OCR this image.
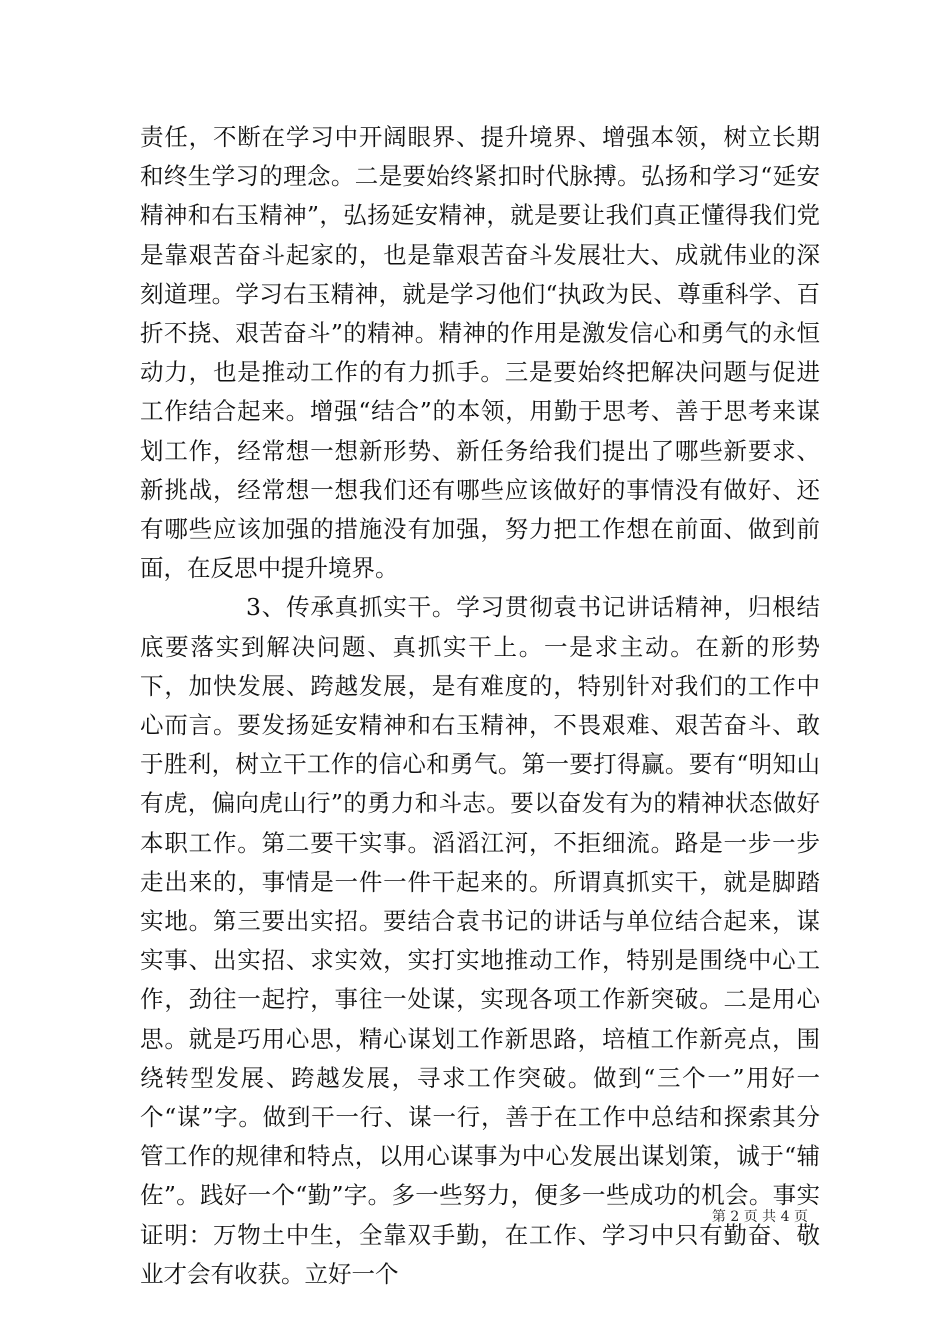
责任，不断在学习中开阔眼界、提升境界、增强本领，树立长期和终生学习的理念。二是要始终紧扣时代脉搏。弘扬和学习“延安精神和右玉精神”，弘扬延安精神，就是要让我们真正懂得我们党是靠艰苦奋斗起家的，也是靠艰苦奋斗发展壮大、成就伟业的深刻道理。学习右玉精神，就是学习他们“执政为民、尊重科学、百折不挠、艰苦奋斗”的精神。精神的作用是激发信心和勇气的永恒动力，也是推动工作的有力抓手。三是要始终把解决问题与促进工作结合起来。增强“结合”的本领，用勤于思考、善于思考来谋划工作，经常想一想新形势、新任务给我们提出了哪些新要求、新挑战，经常想一想我们还有哪些应该做好的事情没有做好、还有哪些应该加强的措施没有加强，努力把工作想在前面、做到前面，在反思中提升境界。

3、传承真抓实干。学习贯彻袁书记讲话精神，归根结底要落实到解决问题、真抓实干上。一是求主动。在新的形势下，加快发展、跨越发展，是有难度的，特别针对我们的工作中心而言。要发扬延安精神和右玉精神，不畏艰难、艰苦奋斗、敢于胜利，树立干工作的信心和勇气。第一要打得赢。要有“明知山有虎，偏向虎山行”的勇力和斗志。要以奋发有为的精神状态做好本职工作。第二要干实事。滔滔江河，不拒细流。路是一步一步走出来的，事情是一件一件干起来的。所谓真抓实干，就是脚踏实地。第三要出实招。要结合袁书记的讲话与单位结合起来，谋实事、出实招、求实效，实打实地推动工作，特别是围绕中心工作，劲往一起拧，事往一处谋，实现各项工作新突破。二是用心思。就是巧用心思，精心谋划工作新思路，培植工作新亮点，围绕转型发展、跨越发展，寻求工作突破。做到“三个一”用好一个“谋”字。做到干一行、谋一行，善于在工作中总结和探索其分管工作的规律和特点，以用心谋事为中心发展出谋划策，诚于“辅佐”。践好一个“勤”字。多一些努力，便多一些成功的机会。事实证明：万物土中生，全靠双手勤，在工作、学习中只有勤奋、敬业才会有收获。立好一个

第 2 页 共 4 页
